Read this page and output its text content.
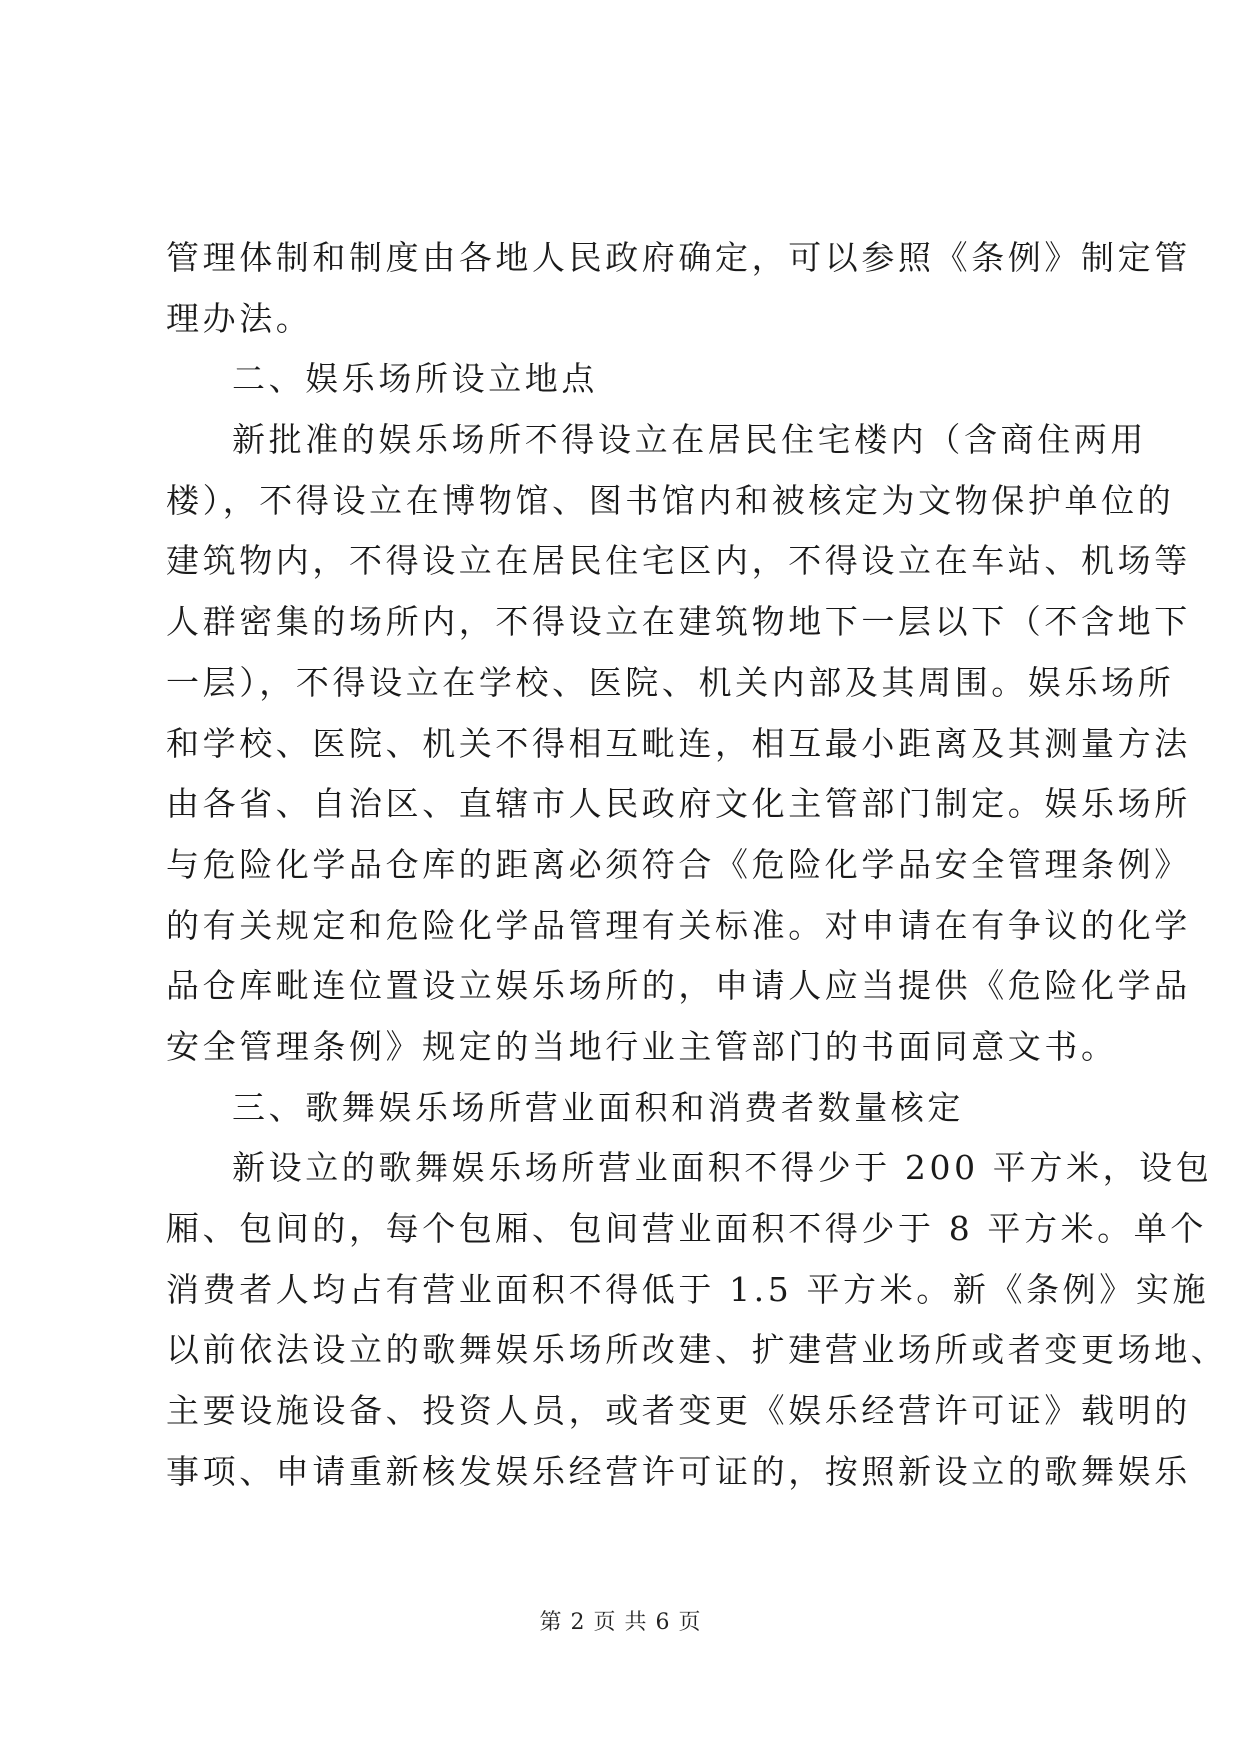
管理体制和制度由各地人民政府确定，可以参照《条例》制定管
理办法。
二、娱乐场所设立地点
新批准的娱乐场所不得设立在居民住宅楼内（含商住两用
楼），不得设立在博物馆、图书馆内和被核定为文物保护单位的
建筑物内，不得设立在居民住宅区内，不得设立在车站、机场等
人群密集的场所内，不得设立在建筑物地下一层以下（不含地下
一层），不得设立在学校、医院、机关内部及其周围。娱乐场所
和学校、医院、机关不得相互毗连，相互最小距离及其测量方法
由各省、自治区、直辖市人民政府文化主管部门制定。娱乐场所
与危险化学品仓库的距离必须符合《危险化学品安全管理条例》
的有关规定和危险化学品管理有关标准。对申请在有争议的化学
品仓库毗连位置设立娱乐场所的，申请人应当提供《危险化学品
安全管理条例》规定的当地行业主管部门的书面同意文书。
三、歌舞娱乐场所营业面积和消费者数量核定
新设立的歌舞娱乐场所营业面积不得少于 200 平方米，设包
厢、包间的，每个包厢、包间营业面积不得少于 8 平方米。单个
消费者人均占有营业面积不得低于 1.5 平方米。新《条例》实施
以前依法设立的歌舞娱乐场所改建、扩建营业场所或者变更场地、
主要设施设备、投资人员，或者变更《娱乐经营许可证》载明的
事项、申请重新核发娱乐经营许可证的，按照新设立的歌舞娱乐
第 2 页 共 6 页
